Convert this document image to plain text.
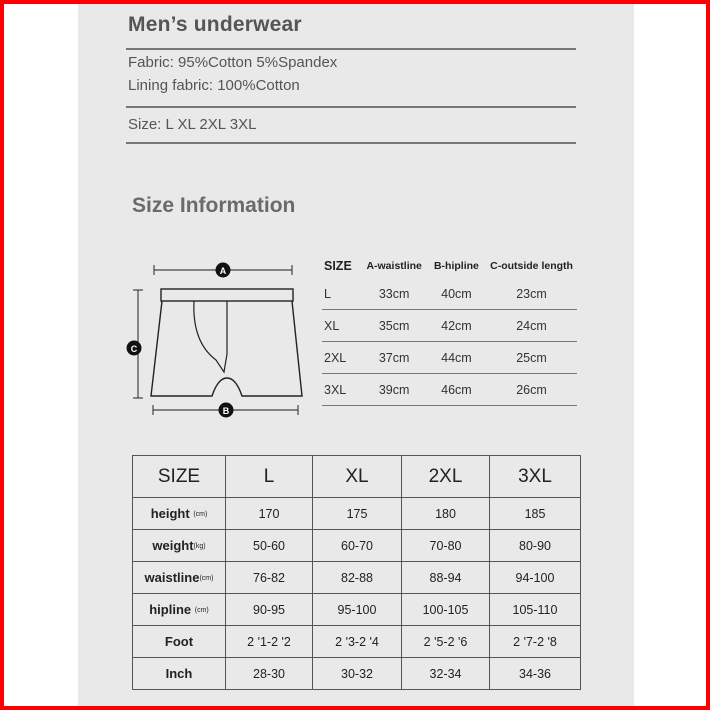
Men’s underwear
Fabric: 95%Cotton 5%Spandex
Lining fabric: 100%Cotton
Size: L XL 2XL 3XL
Size Information
A
C
B
SIZE	A-waistline	B-hipline	C-outside length
L	33cm	40cm	23cm
XL	35cm	42cm	24cm
2XL	37cm	44cm	25cm
3XL	39cm	46cm	26cm
SIZE	L	XL	2XL	3XL
height (cm)	170	175	180	185
weight(kg)	50-60	60-70	70-80	80-90
waistline(cm)	76-82	82-88	88-94	94-100
hipline (cm)	90-95	95-100	100-105	105-110
Foot	2 '1-2 '2	2 '3-2 '4	2 '5-2 '6	2 '7-2 '8
Inch	28-30	30-32	32-34	34-36
